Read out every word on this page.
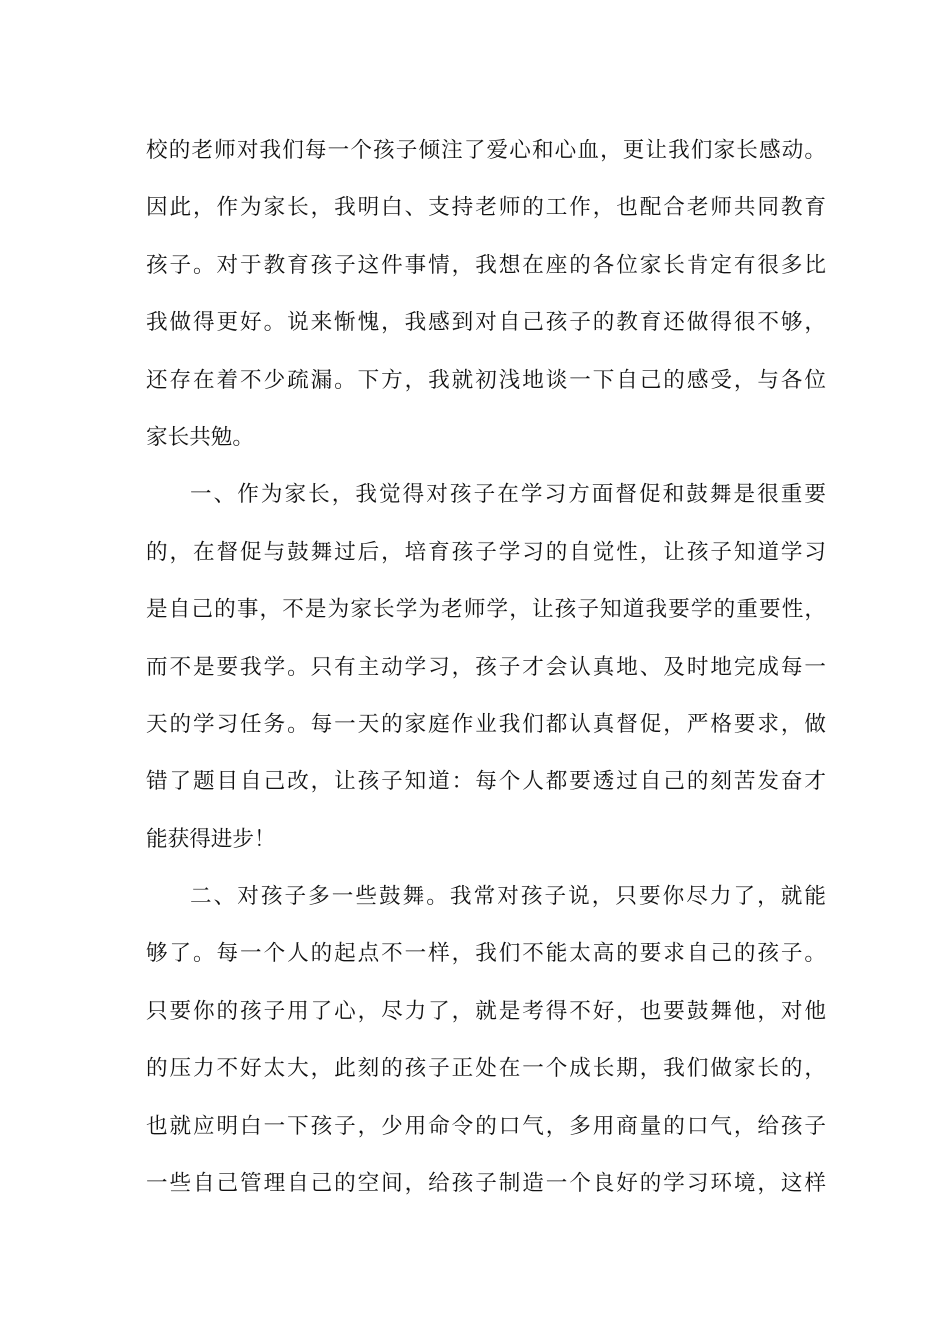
校的老师对我们每一个孩子倾注了爱心和心血，更让我们家长感动。
因此，作为家长，我明白、支持老师的工作，也配合老师共同教育
孩子。对于教育孩子这件事情，我想在座的各位家长肯定有很多比
我做得更好。说来惭愧，我感到对自己孩子的教育还做得很不够，
还存在着不少疏漏。下方，我就初浅地谈一下自己的感受，与各位
家长共勉。
一、作为家长，我觉得对孩子在学习方面督促和鼓舞是很重要
的，在督促与鼓舞过后，培育孩子学习的自觉性，让孩子知道学习
是自己的事，不是为家长学为老师学，让孩子知道我要学的重要性，
而不是要我学。只有主动学习，孩子才会认真地、及时地完成每一
天的学习任务。每一天的家庭作业我们都认真督促，严格要求，做
错了题目自己改，让孩子知道：每个人都要透过自己的刻苦发奋才
能获得进步！
二、对孩子多一些鼓舞。我常对孩子说，只要你尽力了，就能
够了。每一个人的起点不一样，我们不能太高的要求自己的孩子。
只要你的孩子用了心，尽力了，就是考得不好，也要鼓舞他，对他
的压力不好太大，此刻的孩子正处在一个成长期，我们做家长的，
也就应明白一下孩子，少用命令的口气，多用商量的口气，给孩子
一些自己管理自己的空间，给孩子制造一个良好的学习环境，这样
